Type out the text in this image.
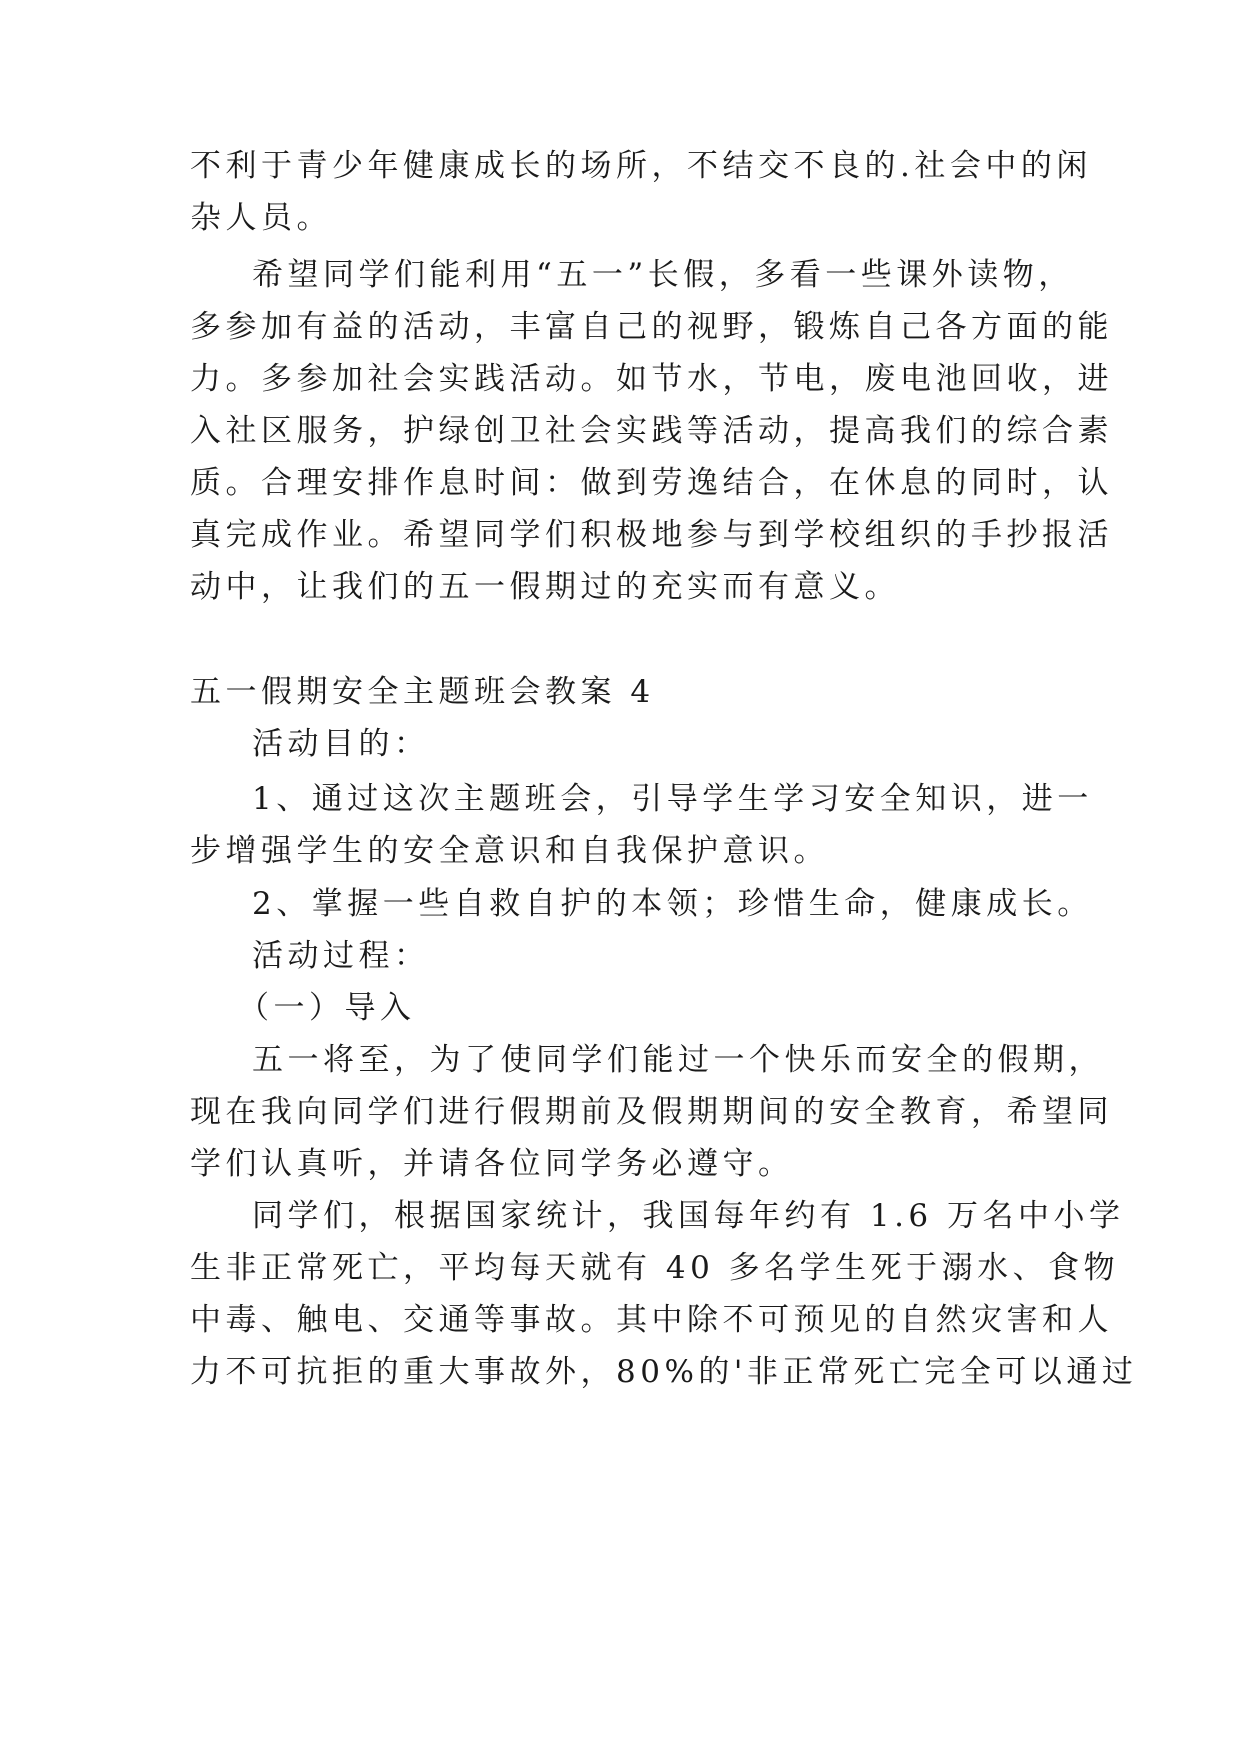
不利于青少年健康成长的场所，不结交不良的.社会中的闲
杂人员。
希望同学们能利用“五一”长假，多看一些课外读物，
多参加有益的活动，丰富自己的视野，锻炼自己各方面的能
力。多参加社会实践活动。如节水，节电，废电池回收，进
入社区服务，护绿创卫社会实践等活动，提高我们的综合素
质。合理安排作息时间：做到劳逸结合，在休息的同时，认
真完成作业。希望同学们积极地参与到学校组织的手抄报活
动中，让我们的五一假期过的充实而有意义。
五一假期安全主题班会教案 4
活动目的：
1、通过这次主题班会，引导学生学习安全知识，进一
步增强学生的安全意识和自我保护意识。
2、掌握一些自救自护的本领；珍惜生命，健康成长。
活动过程：
（一）导入
五一将至，为了使同学们能过一个快乐而安全的假期，
现在我向同学们进行假期前及假期期间的安全教育，希望同
学们认真听，并请各位同学务必遵守。
同学们，根据国家统计，我国每年约有 1.6 万名中小学
生非正常死亡，平均每天就有 40 多名学生死于溺水、食物
中毒、触电、交通等事故。其中除不可预见的自然灾害和人
力不可抗拒的重大事故外，80%的'非正常死亡完全可以通过
